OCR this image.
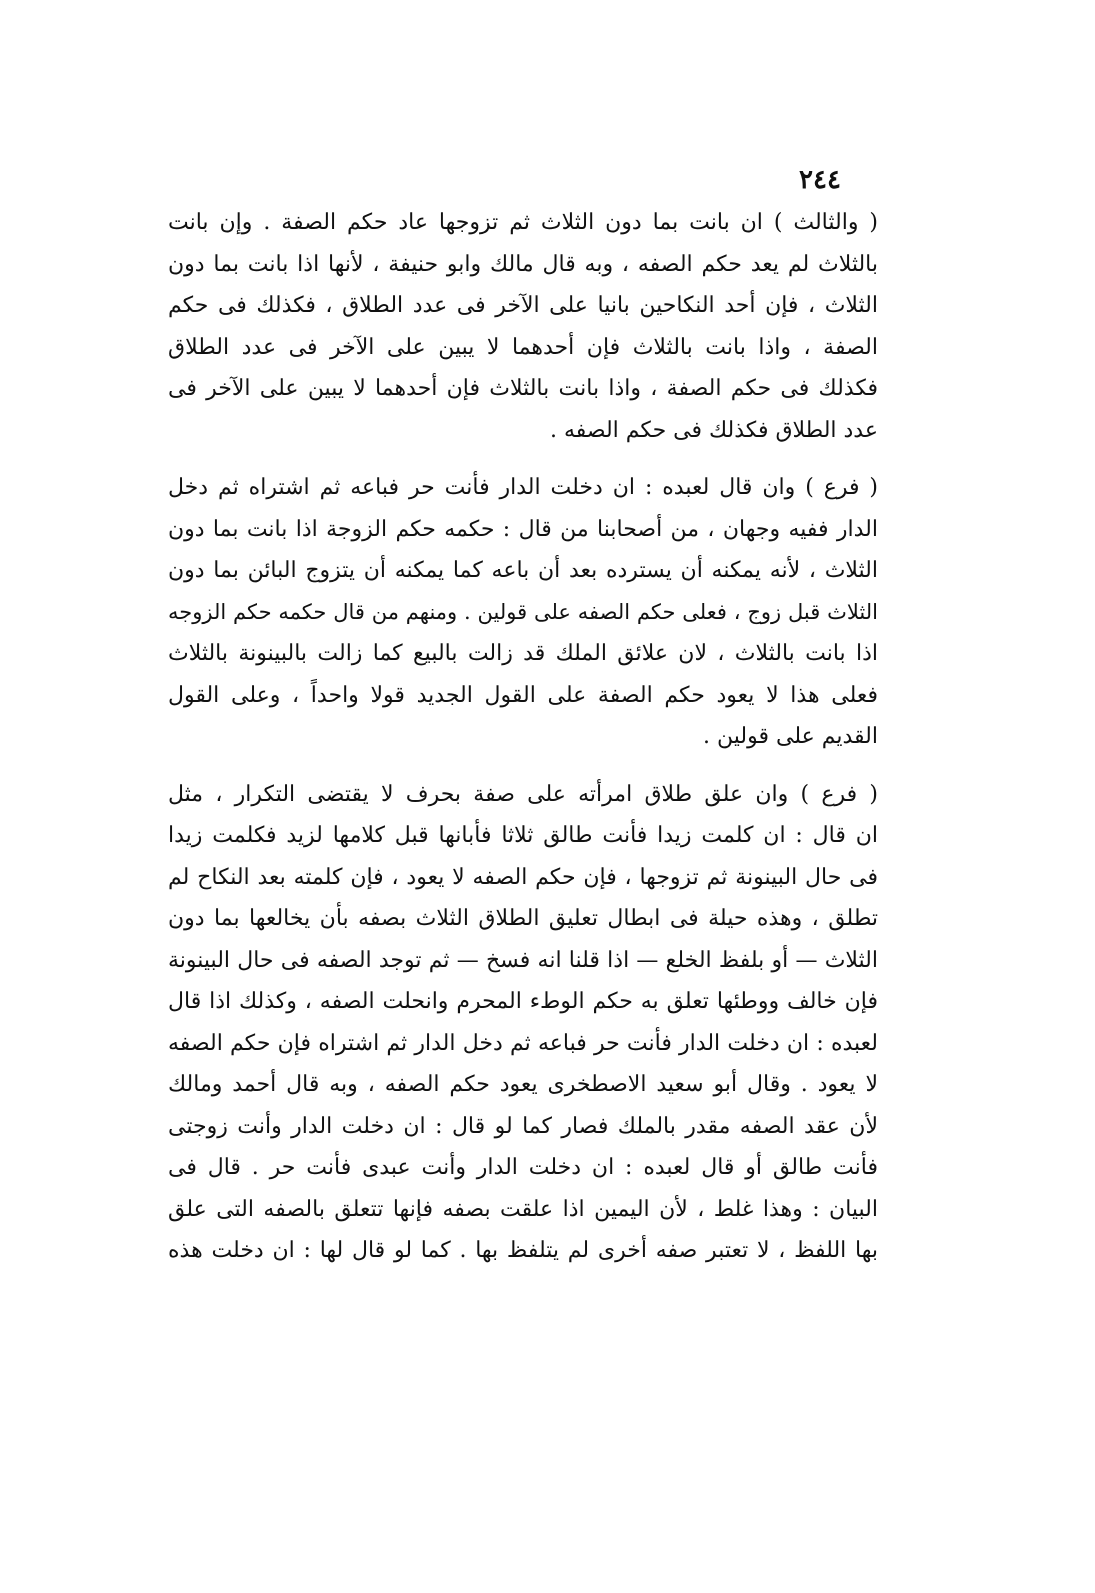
٢٤٤
( والثالث ) ان بانت بما دون الثلاث ثم تزوجها عاد حكم الصفة . وإن بانت
بالثلاث لم يعد حكم الصفه ، وبه قال مالك وابو حنيفة ، لأنها اذا بانت بما دون
الثلاث ، فإن أحد النكاحين بانيا على الآخر فى عدد الطلاق ، فكذلك فى حكم
الصفة ، واذا بانت بالثلاث فإن أحدهما لا يبين على الآخر فى عدد الطلاق
فكذلك فى حكم الصفة ، واذا بانت بالثلاث فإن أحدهما لا يبين على الآخر فى
عدد الطلاق فكذلك فى حكم الصفه .
( فرع ) وان قال لعبده : ان دخلت الدار فأنت حر فباعه ثم اشتراه ثم دخل
الدار ففيه وجهان ، من أصحابنا من قال : حكمه حكم الزوجة اذا بانت بما دون
الثلاث ، لأنه يمكنه أن يسترده بعد أن باعه كما يمكنه أن يتزوج البائن بما دون
الثلاث قبل زوج ، فعلى حكم الصفه على قولين . ومنهم من قال حكمه حكم الزوجه
اذا بانت بالثلاث ، لان علائق الملك قد زالت بالبيع كما زالت بالبينونة بالثلاث
فعلى هذا لا يعود حكم الصفة على القول الجديد قولا واحداً ، وعلى القول
القديم على قولين .
( فرع ) وان علق طلاق امرأته على صفة بحرف لا يقتضى التكرار ، مثل
ان قال : ان كلمت زيدا فأنت طالق ثلاثا فأبانها قبل كلامها لزيد فكلمت زيدا
فى حال البينونة ثم تزوجها ، فإن حكم الصفه لا يعود ، فإن كلمته بعد النكاح لم
تطلق ، وهذه حيلة فى ابطال تعليق الطلاق الثلاث بصفه بأن يخالعها بما دون
الثلاث — أو بلفظ الخلع — اذا قلنا انه فسخ — ثم توجد الصفه فى حال البينونة
فإن خالف ووطئها تعلق به حكم الوطء المحرم وانحلت الصفه ، وكذلك اذا قال
لعبده : ان دخلت الدار فأنت حر فباعه ثم دخل الدار ثم اشتراه فإن حكم الصفه
لا يعود . وقال أبو سعيد الاصطخرى يعود حكم الصفه ، وبه قال أحمد ومالك
لأن عقد الصفه مقدر بالملك فصار كما لو قال : ان دخلت الدار وأنت زوجتى
فأنت طالق أو قال لعبده : ان دخلت الدار وأنت عبدى فأنت حر . قال فى
البيان : وهذا غلط ، لأن اليمين اذا علقت بصفه فإنها تتعلق بالصفه التى علق
بها اللفظ ، لا تعتبر صفه أخرى لم يتلفظ بها . كما لو قال لها : ان دخلت هذه
